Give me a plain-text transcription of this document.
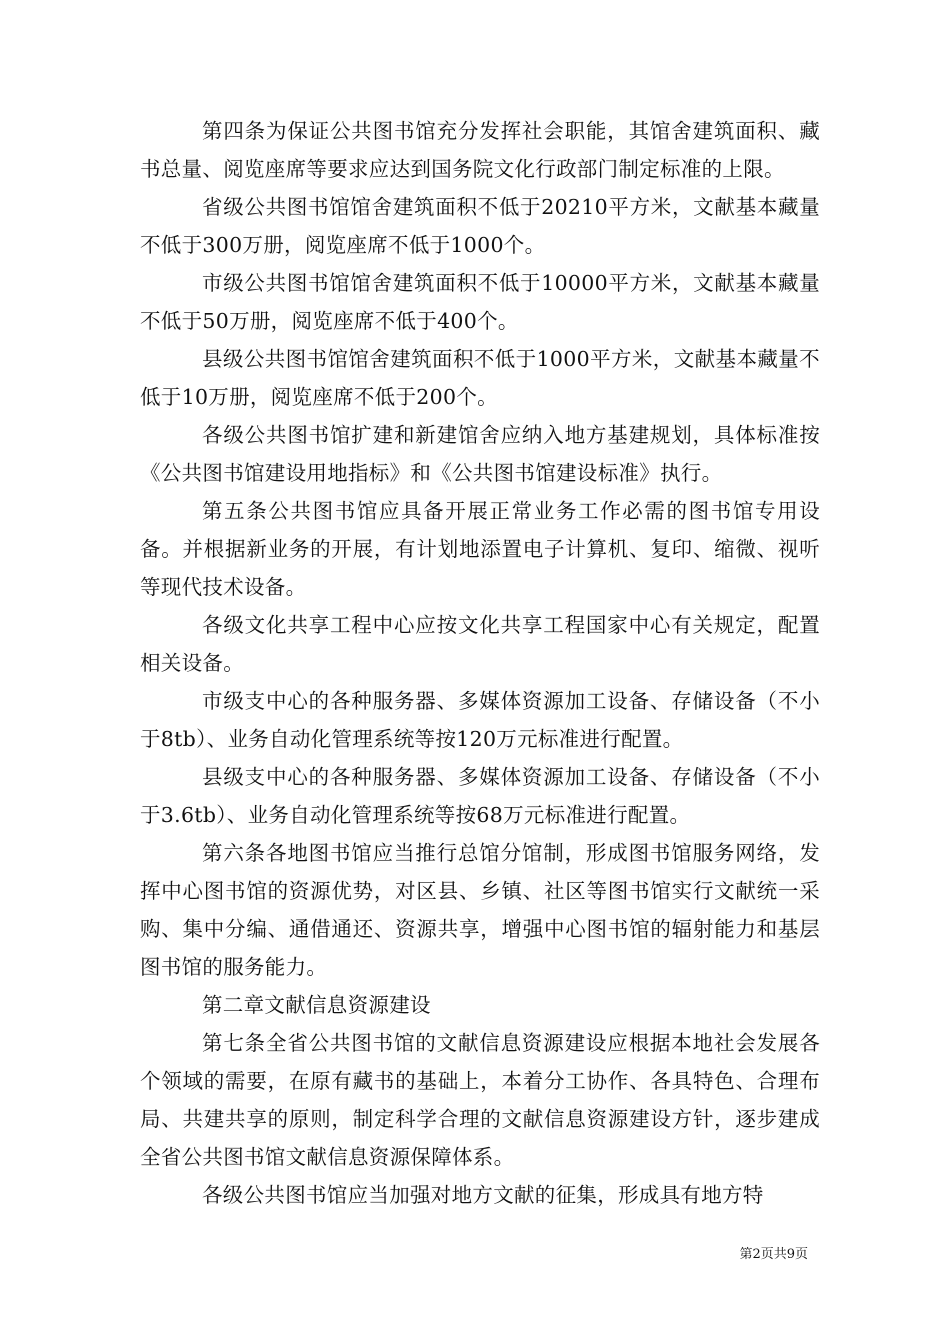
第四条为保证公共图书馆充分发挥社会职能，其馆舍建筑面积、藏书总量、阅览座席等要求应达到国务院文化行政部门制定标准的上限。

省级公共图书馆馆舍建筑面积不低于20210平方米，文献基本藏量不低于300万册，阅览座席不低于1000个。

市级公共图书馆馆舍建筑面积不低于10000平方米，文献基本藏量不低于50万册，阅览座席不低于400个。

县级公共图书馆馆舍建筑面积不低于1000平方米，文献基本藏量不低于10万册，阅览座席不低于200个。

各级公共图书馆扩建和新建馆舍应纳入地方基建规划，具体标准按《公共图书馆建设用地指标》和《公共图书馆建设标准》执行。

第五条公共图书馆应具备开展正常业务工作必需的图书馆专用设备。并根据新业务的开展，有计划地添置电子计算机、复印、缩微、视听等现代技术设备。

各级文化共享工程中心应按文化共享工程国家中心有关规定，配置相关设备。

市级支中心的各种服务器、多媒体资源加工设备、存储设备（不小于8tb）、业务自动化管理系统等按120万元标准进行配置。

县级支中心的各种服务器、多媒体资源加工设备、存储设备（不小于3.6tb）、业务自动化管理系统等按68万元标准进行配置。

第六条各地图书馆应当推行总馆分馆制，形成图书馆服务网络，发挥中心图书馆的资源优势，对区县、乡镇、社区等图书馆实行文献统一采购、集中分编、通借通还、资源共享，增强中心图书馆的辐射能力和基层图书馆的服务能力。

第二章文献信息资源建设

第七条全省公共图书馆的文献信息资源建设应根据本地社会发展各个领域的需要，在原有藏书的基础上，本着分工协作、各具特色、合理布局、共建共享的原则，制定科学合理的文献信息资源建设方针，逐步建成全省公共图书馆文献信息资源保障体系。

各级公共图书馆应当加强对地方文献的征集，形成具有地方特

第2页共9页
